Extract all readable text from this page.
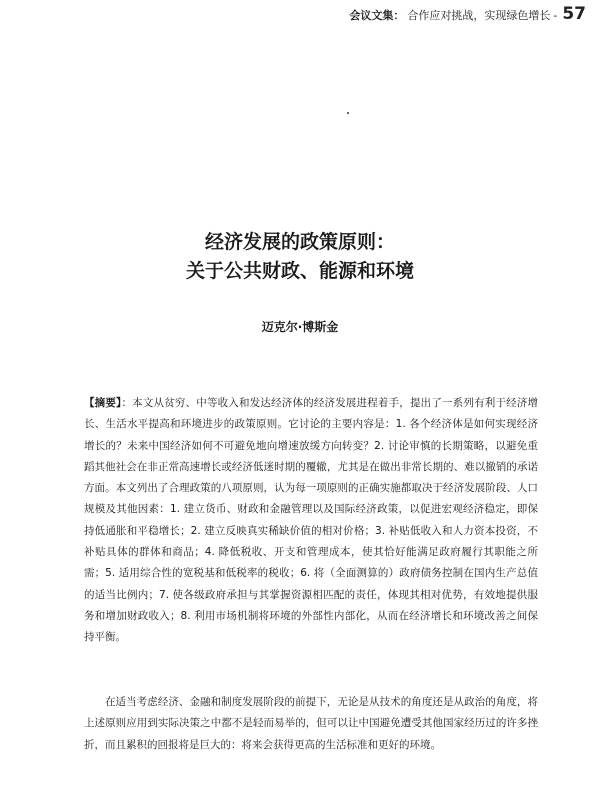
会议文集： 合作应对挑战，实现绿色增长 - 57
经济发展的政策原则：
关于公共财政、能源和环境
迈克尔·博斯金
【摘要】：本文从贫穷、中等收入和发达经济体的经济发展进程着手，提出了一系列有利于经济增长、生活水平提高和环境进步的政策原则。它讨论的主要内容是：1. 各个经济体是如何实现经济增长的？未来中国经济如何不可避免地向增速放缓方向转变？2. 讨论审慎的长期策略，以避免重蹈其他社会在非正常高速增长或经济低迷时期的覆辙，尤其是在做出非常长期的、难以撤销的承诺方面。本文列出了合理政策的八项原则，认为每一项原则的正确实施都取决于经济发展阶段、人口规模及其他因素：1. 建立货币、财政和金融管理以及国际经济政策，以促进宏观经济稳定，即保持低通胀和平稳增长；2. 建立反映真实稀缺价值的相对价格；3. 补贴低收入和人力资本投资，不补贴具体的群体和商品；4. 降低税收、开支和管理成本，使其恰好能满足政府履行其职能之所需；5. 适用综合性的宽税基和低税率的税收；6. 将（全面测算的）政府债务控制在国内生产总值的适当比例内；7. 使各级政府承担与其掌握资源相匹配的责任，体现其相对优势，有效地提供服务和增加财政收入；8. 利用市场机制将环境的外部性内部化，从而在经济增长和环境改善之间保持平衡。
在适当考虑经济、金融和制度发展阶段的前提下，无论是从技术的角度还是从政治的角度，将上述原则应用到实际决策之中都不是轻而易举的，但可以让中国避免遭受其他国家经历过的许多挫折，而且累积的回报将是巨大的：将来会获得更高的生活标准和更好的环境。
